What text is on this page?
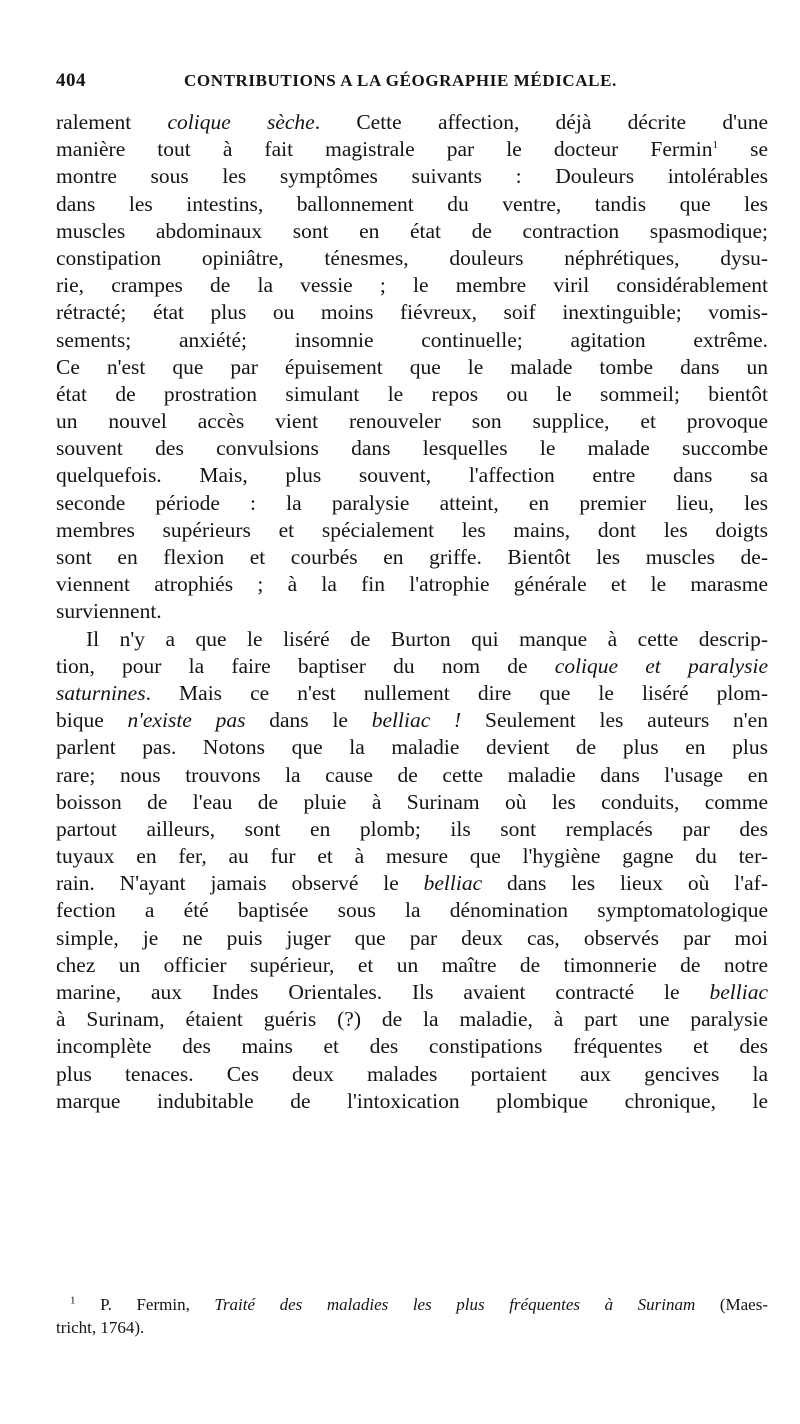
404	CONTRIBUTIONS A LA GÉOGRAPHIE MÉDICALE.
ralement colique sèche. Cette affection, déjà décrite d'une
manière tout à fait magistrale par le docteur Fermin$^1$ se
montre sous les symptômes suivants : Douleurs intolérables
dans les intestins, ballonnement du ventre, tandis que les
muscles abdominaux sont en état de contraction spasmodique;
constipation opiniâtre, ténesmes, douleurs néphrétiques, dysu-
rie, crampes de la vessie ; le membre viril considérablement
rétracté; état plus ou moins fiévreux, soif inextinguible; vomis-
sements; anxiété; insomnie continuelle; agitation extrême.
Ce n'est que par épuisement que le malade tombe dans un
état de prostration simulant le repos ou le sommeil; bientôt
un nouvel accès vient renouveler son supplice, et provoque
souvent des convulsions dans lesquelles le malade succombe
quelquefois. Mais, plus souvent, l'affection entre dans sa
seconde période : la paralysie atteint, en premier lieu, les
membres supérieurs et spécialement les mains, dont les doigts
sont en flexion et courbés en griffe. Bientôt les muscles de-
viennent atrophiés ; à la fin l'atrophie générale et le marasme
surviennent.
Il n'y a que le liséré de Burton qui manque à cette descrip-
tion, pour la faire baptiser du nom de colique et paralysie
saturnines. Mais ce n'est nullement dire que le liséré plom-
bique n'existe pas dans le belliac ! Seulement les auteurs n'en
parlent pas. Notons que la maladie devient de plus en plus
rare; nous trouvons la cause de cette maladie dans l'usage en
boisson de l'eau de pluie à Surinam où les conduits, comme
partout ailleurs, sont en plomb; ils sont remplacés par des
tuyaux en fer, au fur et à mesure que l'hygiène gagne du ter-
rain. N'ayant jamais observé le belliac dans les lieux où l'af-
fection a été baptisée sous la dénomination symptomatologique
simple, je ne puis juger que par deux cas, observés par moi
chez un officier supérieur, et un maître de timonnerie de notre
marine, aux Indes Orientales. Ils avaient contracté le belliac
à Surinam, étaient guéris (?) de la maladie, à part une paralysie
incomplète des mains et des constipations fréquentes et des
plus tenaces. Ces deux malades portaient aux gencives la
marque indubitable de l'intoxication plombique chronique, le
$^1$ P. Fermin, Traité des maladies les plus fréquentes à Surinam (Maes-
tricht, 1764).
